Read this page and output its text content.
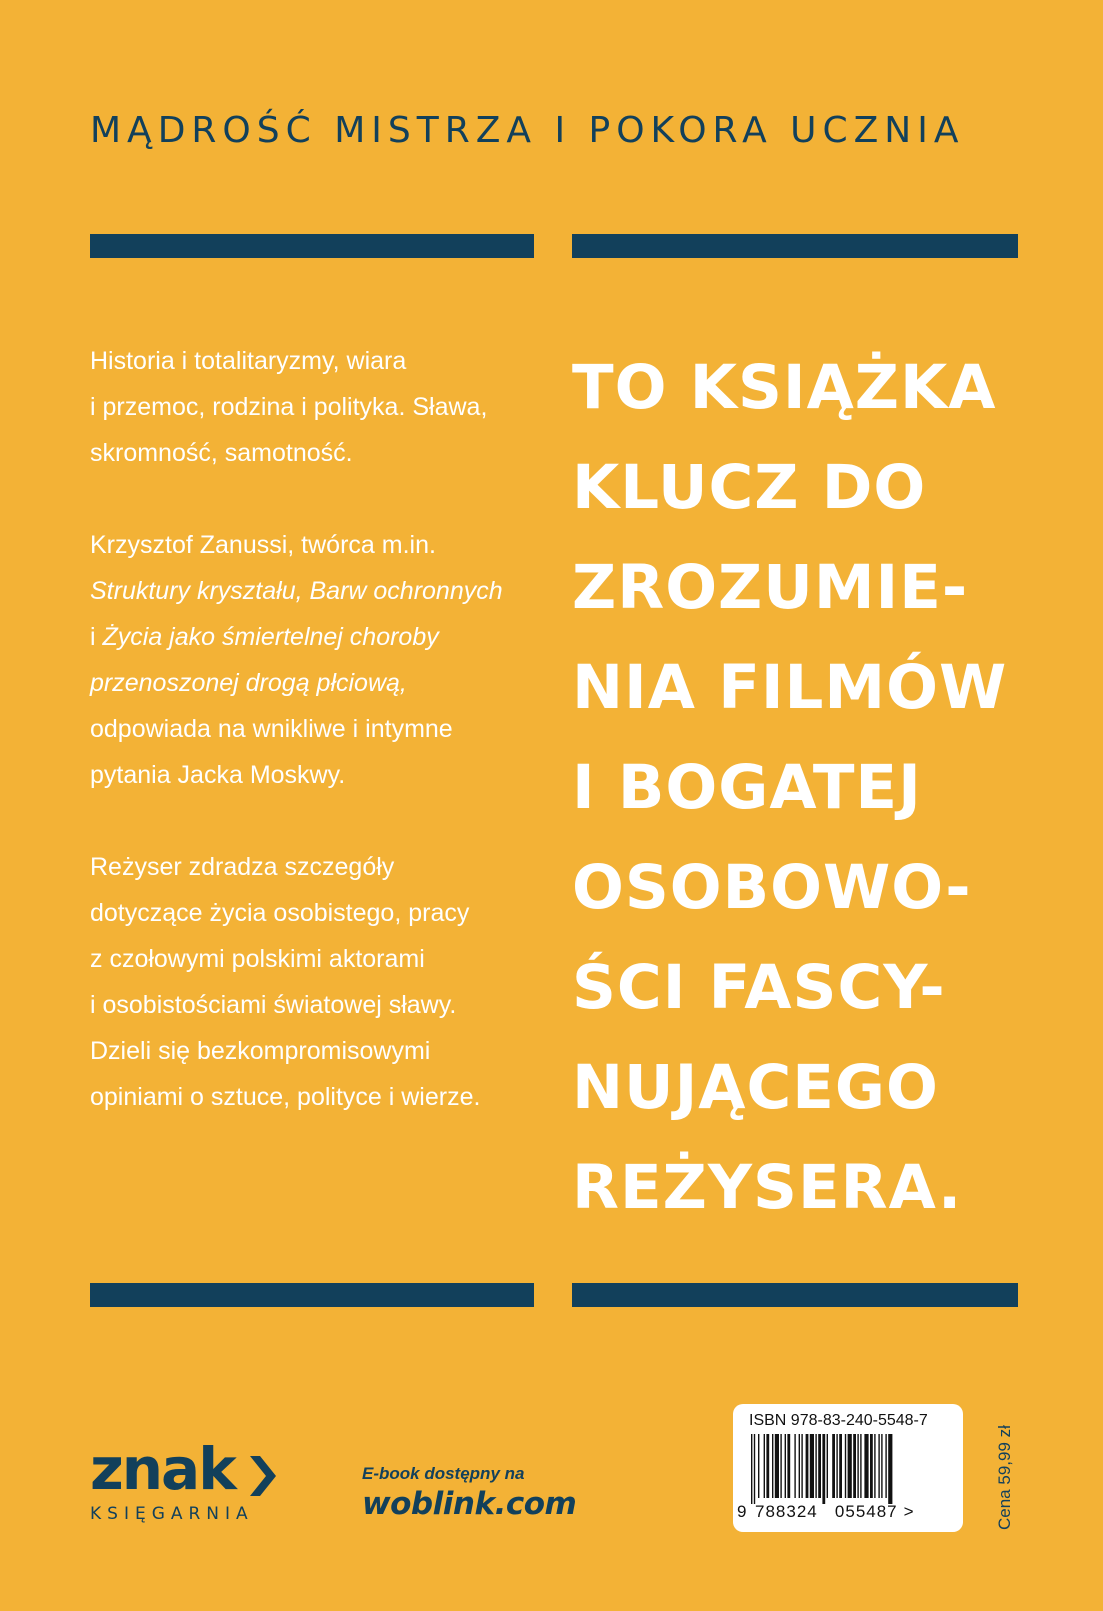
MĄDROŚĆ MISTRZA I POKORA UCZNIA

Historia i totalitaryzmy, wiara
i przemoc, rodzina i polityka. Sława,
skromność, samotność.

Krzysztof Zanussi, twórca m.in.
Struktury kryształu, Barw ochronnych
i Życia jako śmiertelnej choroby
przenoszonej drogą płciową,
odpowiada na wnikliwe i intymne
pytania Jacka Moskwy.

Reżyser zdradza szczegóły
dotyczące życia osobistego, pracy
z czołowymi polskimi aktorami
i osobistościami światowej sławy.
Dzieli się bezkompromisowymi
opiniami o sztuce, polityce i wierze.

TO KSIĄŻKA
KLUCZ DO
ZROZUMIE-
NIA FILMÓW
I BOGATEJ
OSOBOWO-
ŚCI FASCY-
NUJĄCEGO
REŻYSERA.
znak
KSIĘGARNIA
E-book dostępny na
woblink.com
ISBN 978-83-240-5548-7
9 788324 055487 >	Cena 59,99 zł
